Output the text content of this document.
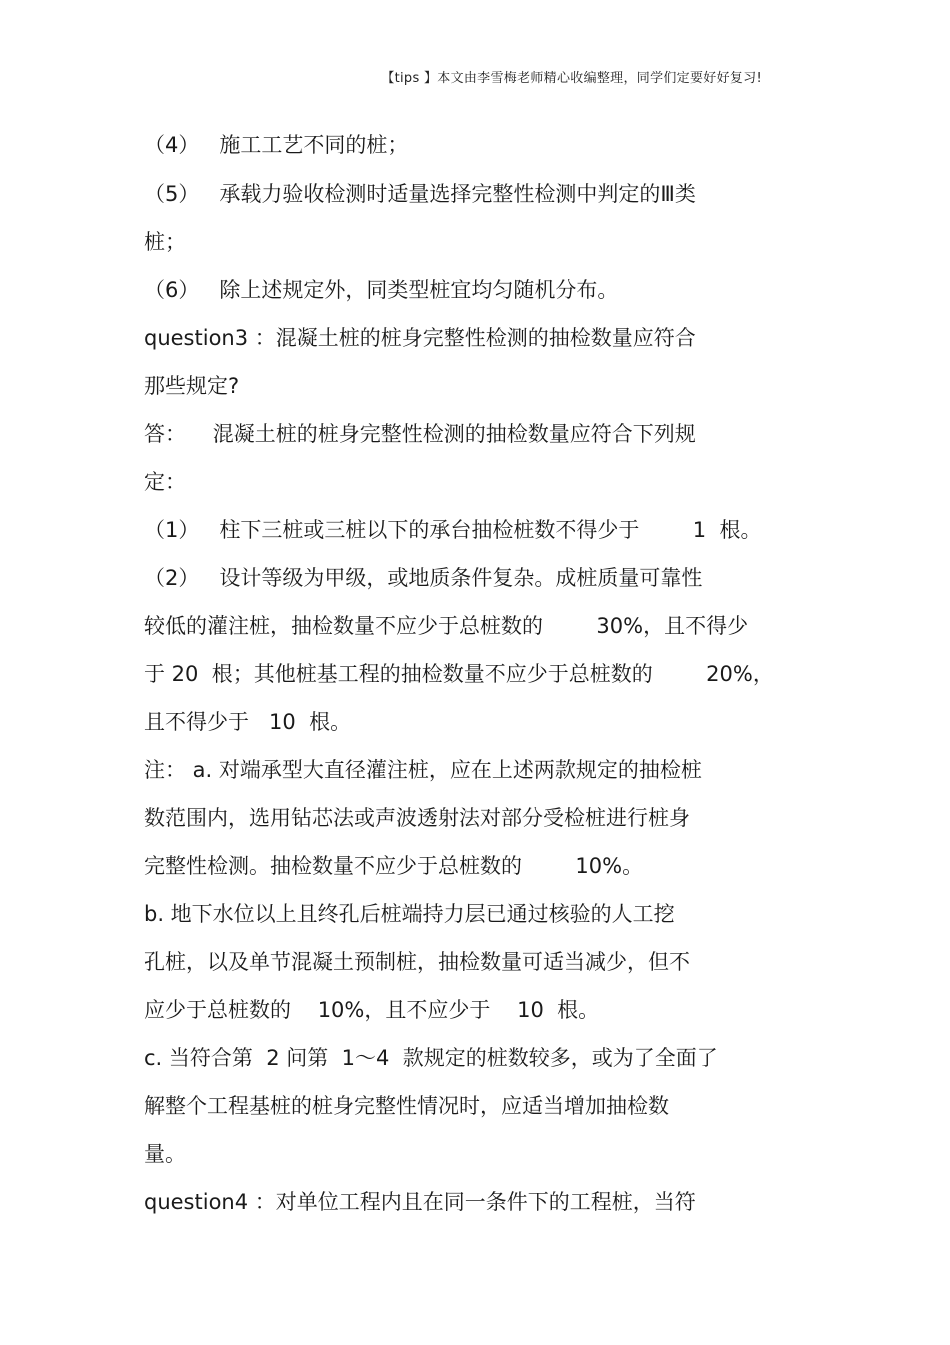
【tips 】本文由李雪梅老师精心收编整理，同学们定要好好复习!
（4）   施工工艺不同的桩；
（5）   承载力验收检测时适量选择完整性检测中判定的Ⅲ类
桩；
（6）   除上述规定外，同类型桩宜均匀随机分布。
question3 ：混凝土桩的桩身完整性检测的抽检数量应符合
那些规定?
答：    混凝土桩的桩身完整性检测的抽检数量应符合下列规
定：
（1）   柱下三桩或三桩以下的承台抽检桩数不得少于        1  根。
（2）   设计等级为甲级，或地质条件复杂。成桩质量可靠性
较低的灌注桩，抽检数量不应少于总桩数的        30%，且不得少
于 20  根；其他桩基工程的抽检数量不应少于总桩数的        20%，
且不得少于   10  根。
注： a. 对端承型大直径灌注桩，应在上述两款规定的抽检桩
数范围内，选用钻芯法或声波透射法对部分受检桩进行桩身
完整性检测。抽检数量不应少于总桩数的        10%。
b. 地下水位以上且终孔后桩端持力层已通过核验的人工挖
孔桩，以及单节混凝土预制桩，抽检数量可适当减少，但不
应少于总桩数的    10%，且不应少于    10  根。
c. 当符合第  2 问第  1～4  款规定的桩数较多，或为了全面了
解整个工程基桩的桩身完整性情况时，应适当增加抽检数
量。
question4 ：对单位工程内且在同一条件下的工程桩，当符
